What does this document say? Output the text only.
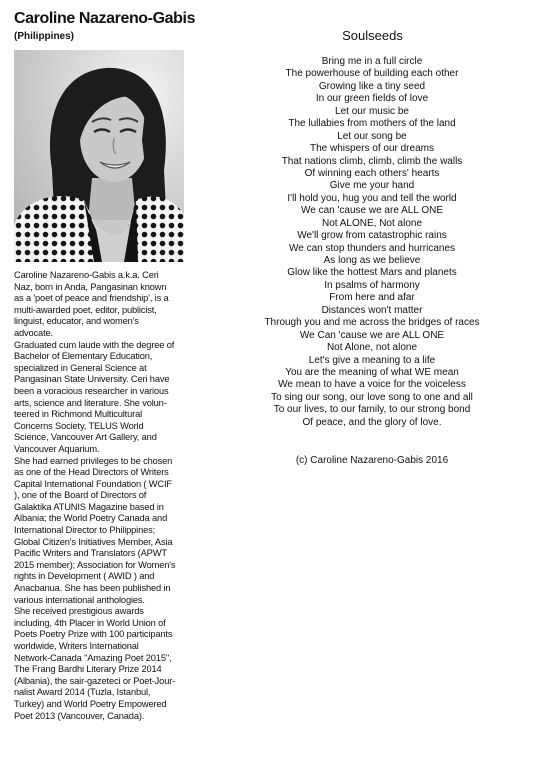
Caroline Nazareno-Gabis
(Philippines)
Caroline Nazareno-Gabis a.k.a. Ceri
Naz, born in Anda, Pangasinan known
as a 'poet of peace and friendship', is a
multi-awarded poet, editor, publicist,
linguist, educator, and women's
advocate.
Graduated cum laude with the degree of
Bachelor of Elementary Education,
specialized in General Science at
Pangasinan State University. Ceri have
been a voracious researcher in various
arts, science and literature. She volun-
teered in Richmond Multicultural
Concerns Society, TELUS World
Science, Vancouver Art Gallery, and
Vancouver Aquarium.
She had earned privileges to be chosen
as one of the Head Directors of Writers
Capital International Foundation ( WCIF
), one of the Board of Directors of
Galaktika ATUNIS Magazine based in
Albania; the World Poetry Canada and
International Director to Philippines;
Global Citizen's Initiatives Member, Asia
Pacific Writers and Translators (APWT
2015 member); Association for Women's
rights in Development ( AWID ) and
Anacbanua. She has been published in
various international anthologies.
She received prestigious awards
including, 4th Placer in World Union of
Poets Poetry Prize with 100 participants
worldwide, Writers International
Network-Canada "Amazing Poet 2015",
The Frang Bardhi Literary Prize 2014
(Albania), the sair-gazeteci or Poet-Jour-
nalist Award 2014 (Tuzla, Istanbul,
Turkey) and World Poetry Empowered
Poet 2013 (Vancouver, Canada).
Soulseeds
Bring me in a full circle
The powerhouse of building each other
Growing like a tiny seed
In our green fields of love
Let our music be
The lullabies from mothers of the land
Let our song be
The whispers of our dreams
That nations climb, climb, climb the walls
Of winning each others' hearts
Give me your hand
I'll hold you, hug you and tell the world
We can 'cause we are ALL ONE
Not ALONE, Not alone
We'll grow from catastrophic rains
We can stop thunders and hurricanes
As long as we believe
Glow like the hottest Mars and planets
In psalms of harmony
From here and afar
Distances won't matter
Through you and me across the bridges of races
We Can 'cause we are ALL ONE
Not Alone, not alone
Let's give a meaning to a life
You are the meaning of what WE mean
We mean to have a voice for the voiceless
To sing our song, our love song to one and all
To our lives, to our family, to our strong bond
Of peace, and the glory of love.
(c) Caroline Nazareno-Gabis 2016
